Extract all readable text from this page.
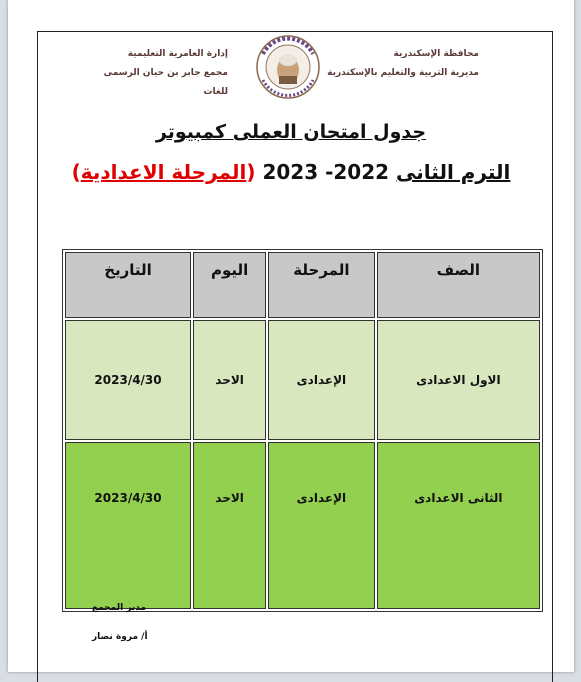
محافظة الإسكندرية
مديرية التربية والتعليم بالإسكندرية
إدارة العامرية التعليمية
مجمع جابر بن حيان الرسمى للغات
جدول امتحان العملى كمبيوتر
الترم الثانى 2022- 2023 (المرحلة الاعدادية)
الصف	المرحلة	اليوم	التاريخ
الاول الاعدادى	الإعدادى	الاحد	2023/4/30
الثانى الاعدادى	الإعدادى	الاحد	2023/4/30
مدير المجمع
أ/ مروة نصار
